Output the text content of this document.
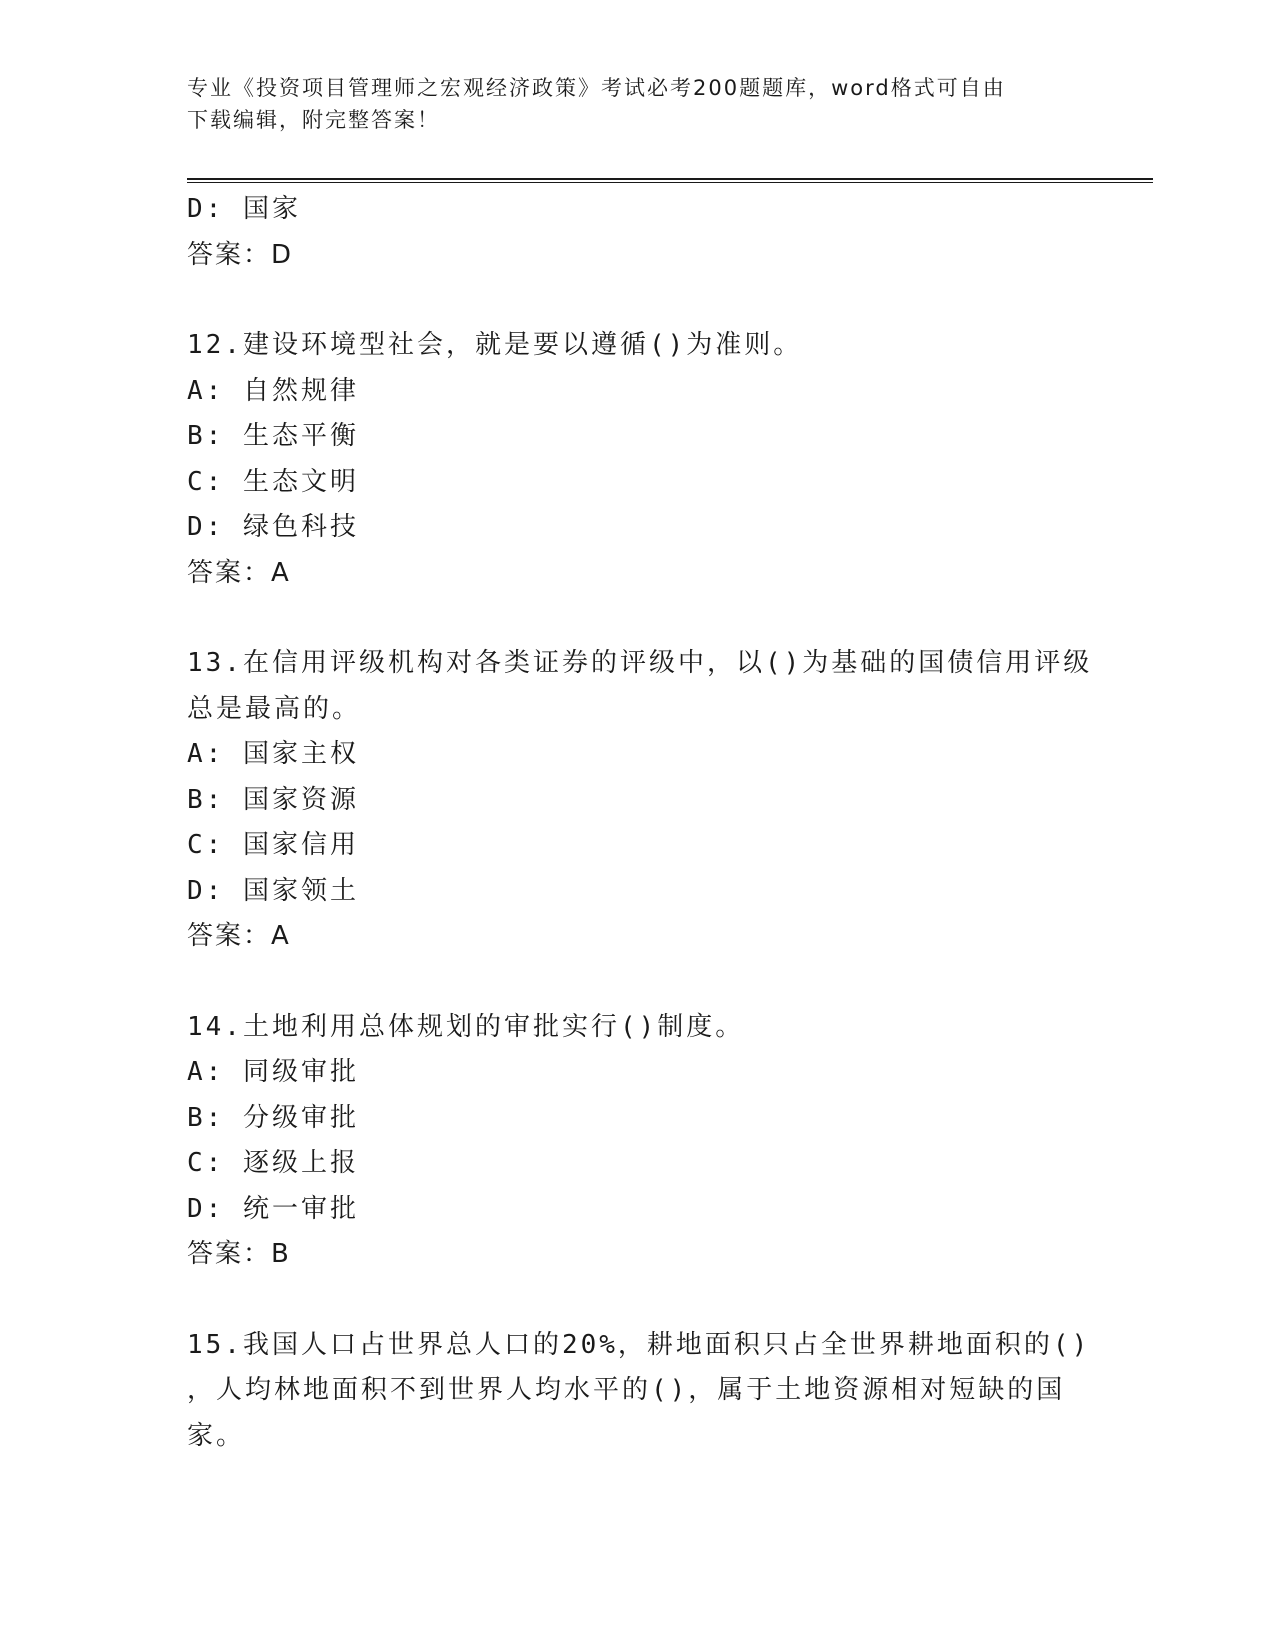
专业《投资项目管理师之宏观经济政策》考试必考200题题库，word格式可自由
下载编辑，附完整答案！
D: 国家
答案：D
12.建设环境型社会，就是要以遵循()为准则。
A: 自然规律
B: 生态平衡
C: 生态文明
D: 绿色科技
答案：A
13.在信用评级机构对各类证券的评级中，以()为基础的国债信用评级
总是最高的。
A: 国家主权
B: 国家资源
C: 国家信用
D: 国家领土
答案：A
14.土地利用总体规划的审批实行()制度。
A: 同级审批
B: 分级审批
C: 逐级上报
D: 统一审批
答案：B
15.我国人口占世界总人口的20%，耕地面积只占全世界耕地面积的()
，人均林地面积不到世界人均水平的()，属于土地资源相对短缺的国
家。
